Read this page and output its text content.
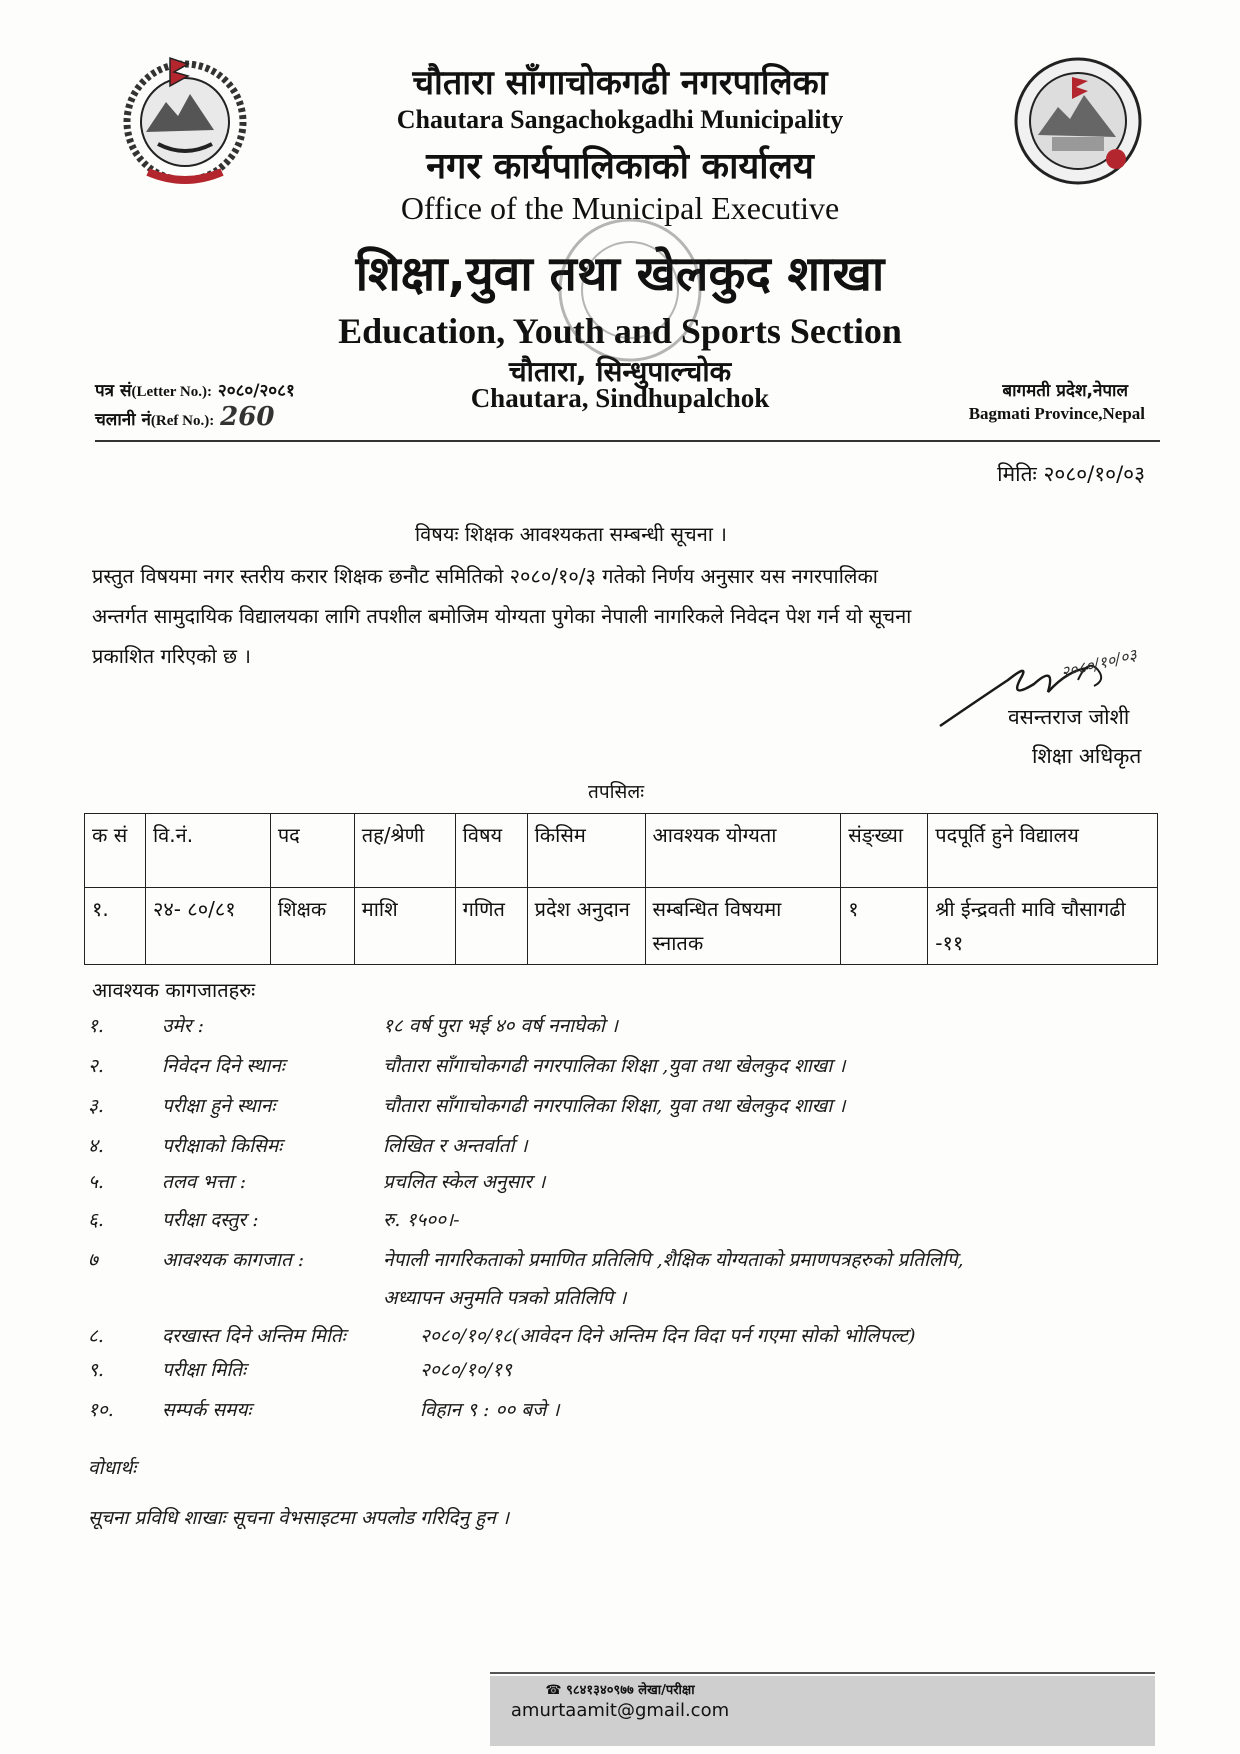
चौतारा साँगाचोकगढी नगरपालिका
Chautara Sangachokgadhi Municipality
नगर कार्यपालिकाको कार्यालय
Office of the Municipal Executive
शिक्षा,युवा तथा खेलकुद शाखा
Education, Youth and Sports Section
चौतारा, सिन्धुपाल्चोक
Chautara, Sindhupalchok
पत्र सं(Letter No.): २०८०/२०८१
चलानी नं(Ref No.): 260
बागमती प्रदेश,नेपाल
Bagmati Province,Nepal
मितिः २०८०/१०/०३
विषयः शिक्षक आवश्यकता सम्बन्धी सूचना ।
प्रस्तुत विषयमा नगर स्तरीय करार शिक्षक छनौट समितिको २०८०/१०/३ गतेको निर्णय अनुसार यस नगरपालिका
अन्तर्गत सामुदायिक विद्यालयका लागि तपशील बमोजिम योग्यता पुगेका नेपाली नागरिकले निवेदन पेश गर्न यो सूचना
प्रकाशित गरिएको छ ।	२०८०/१०/०३
वसन्तराज जोशी
शिक्षा अधिकृत
तपसिलः
क सं	वि.नं.	पद	तह/श्रेणी	विषय	किसिम	आवश्यक योग्यता	संङ्ख्या	पदपूर्ति हुने विद्यालय
१.	२४- ८०/८१	शिक्षक	माशि	गणित	प्रदेश अनुदान	सम्बन्धित विषयमा स्नातक	१	श्री ईन्द्रवती मावि चौसागढी -११
आवश्यक कागजातहरुः
१.	उमेर :	१८ वर्ष पुरा भई ४० वर्ष ननाघेको ।
२.	निवेदन दिने स्थानः	चौतारा साँगाचोकगढी नगरपालिका शिक्षा ,युवा तथा खेलकुद शाखा ।
३.	परीक्षा हुने स्थानः	चौतारा साँगाचोकगढी नगरपालिका शिक्षा, युवा तथा खेलकुद शाखा ।
४.	परीक्षाको किसिमः	लिखित र अन्तर्वार्ता ।
५.	तलव भत्ता :	प्रचलित स्केल अनुसार ।
६.	परीक्षा दस्तुर :	रु. १५००।-
७	आवश्यक कागजात :	नेपाली नागरिकताको प्रमाणित प्रतिलिपि ,शैक्षिक योग्यताको प्रमाणपत्रहरुको प्रतिलिपि,
अध्यापन अनुमति पत्रको प्रतिलिपि ।
८.	दरखास्त दिने अन्तिम मितिः	२०८०/१०/१८(आवेदन दिने अन्तिम दिन विदा पर्न गएमा सोको भोलिपल्ट)
९.	परीक्षा मितिः	२०८०/१०/१९
१०.	सम्पर्क समयः	विहान ९ : ०० बजे ।
वोधार्थः
सूचना प्रविधि शाखाः सूचना वेभसाइटमा अपलोड गरिदिनु हुन ।
☎ ९८४१३४०९७७ लेखा/परीक्षा
amurtaamit@gmail.com
